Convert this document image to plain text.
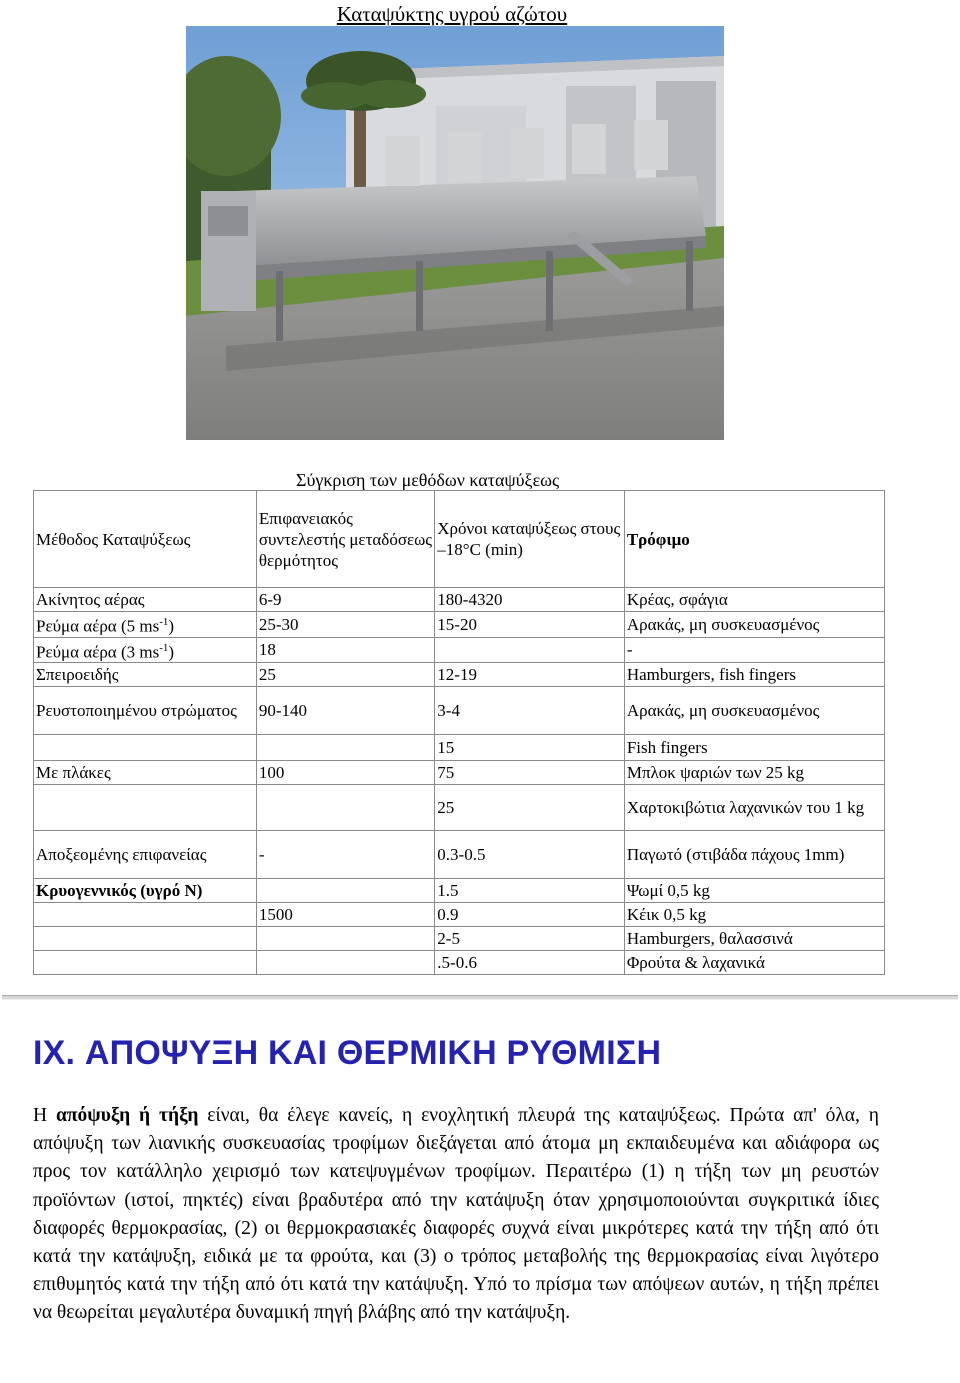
Καταψύκτης υγρού αζώτου
Σύγκριση των μεθόδων καταψύξεως
Μέθοδος Καταψύξεως	Επιφανειακός συντελεστής μεταδόσεως θερμότητος	Χρόνοι καταψύξεως στους –18°C (min)	Τρόφιμο
Ακίνητος αέρας	6-9	180-4320	Κρέας, σφάγια
Ρεύμα αέρα (5 $ms^{-1}$)	25-30	15-20	Αρακάς, μη συσκευασμένος
Ρεύμα αέρα (3 $ms^{-1}$)	18		-
Σπειροειδής	25	12-19	Hamburgers, fish fingers
Ρευστοποιημένου στρώματος	90-140	3-4	Αρακάς, μη συσκευασμένος
		15	Fish fingers
Με πλάκες	100	75	Μπλοκ ψαριών των 25 kg
		25	Χαρτοκιβώτια λαχανικών του 1 kg
Αποξεομένης επιφανείας	-	0.3-0.5	Παγωτό (στιβάδα πάχους 1mm)
Κρυογεννικός (υγρό Ν)		1.5	Ψωμί 0,5 kg
	1500	0.9	Κέικ 0,5 kg
		2-5	Hamburgers, θαλασσινά
		.5-0.6	Φρούτα & λαχανικά
IX. ΑΠΟΨΥΞΗ ΚΑΙ ΘΕΡΜΙΚΗ ΡΥΘΜΙΣΗ

Η απόψυξη ή τήξη είναι, θα έλεγε κανείς, η ενοχλητική πλευρά της καταψύξεως. Πρώτα απ' όλα, η απόψυξη των λιανικής συσκευασίας τροφίμων διεξάγεται από άτομα μη εκπαιδευμένα και αδιάφορα ως προς τον κατάλληλο χειρισμό των κατεψυγμένων τροφίμων. Περαιτέρω (1) η τήξη των μη ρευστών προϊόντων (ιστοί, πηκτές) είναι βραδυτέρα από την κατάψυξη όταν χρησιμοποιούνται συγκριτικά ίδιες διαφορές θερμοκρασίας, (2) οι θερμοκρασιακές διαφορές συχνά είναι μικρότερες κατά την τήξη από ότι κατά την κατάψυξη, ειδικά με τα φρούτα, και (3) ο τρόπος μεταβολής της θερμοκρασίας είναι λιγότερο επιθυμητός κατά την τήξη από ότι κατά την κατάψυξη. Υπό το πρίσμα των απόψεων αυτών, η τήξη πρέπει να θεωρείται μεγαλυτέρα δυναμική πηγή βλάβης από την κατάψυξη.
